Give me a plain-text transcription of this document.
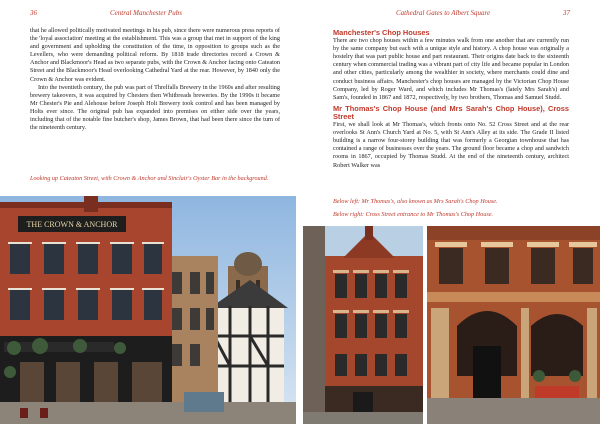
36	Central Manchester Pubs

that he allowed politically motivated meetings in his pub, since there were numerous press reports of the 'loyal association' meeting at the establishment. This was a group that met in support of the king and government and upholding the constitution of the time, in opposition to groups such as the Levellers, who were demanding political reform. By 1818 trade directories record a Crown & Anchor and Blackmoor's Head as two separate pubs, with the Crown & Anchor facing onto Cateaton Street and the Blackmoor's Head overlooking Cathedral Yard at the rear. However, by 1840 only the Crown & Anchor was evident.

Into the twentieth century, the pub was part of Threlfalls Brewery in the 1960s and after resulting brewery takeovers, it was acquired by Chesters then Whitbreads breweries. By the 1990s it became Mr Chester's Pie and Alehouse before Joseph Holt Brewery took control and has been managed by Holts ever since. The original pub has expanded into premises on either side over the years, including that of the notable fine butcher's shop, James Brown, that had been there since the turn of the nineteenth century.

Looking up Cateaton Street, with Crown & Anchor and Sinclair's Oyster Bar in the background.
THE CROWN & ANCHOR
Cathedral Gates to Albert Square	37

Manchester's Chop Houses

There are two chop houses within a few minutes walk from one another that are currently run by the same company but each with a unique style and history. A chop house was originally a hostelry that was part public house and part restaurant. Their origins date back to the sixteenth century when commercial trading was a vibrant part of city life and became popular in London and other cities, particularly among the wealthier in society, where merchants could dine and conduct business affairs. Manchester's chop houses are managed by the Victorian Chop House Company, led by Roger Ward, and which includes Mr Thomas's (lately Mrs Sarah's) and Sam's, founded in 1867 and 1872, respectively, by two brothers, Thomas and Samuel Studd.

Mr Thomas's Chop House (and Mrs Sarah's Chop House), Cross Street

First, we shall look at Mr Thomas's, which fronts onto No. 52 Cross Street and at the rear overlooks St Ann's Church Yard at No. 5, with St Ann's Alley at its side. The Grade II listed building is a narrow four-storey building that was formerly a Georgian townhouse that has contained a range of businesses over the years. The ground floor became a chop and sandwich rooms in 1867, occupied by Thomas Studd. At the end of the nineteenth century, architect Robert Walker was

Below left: Mr Thomas's, also known as Mrs Sarah's Chop House.
Below right: Cross Street entrance to Mr Thomas's Chop House.
